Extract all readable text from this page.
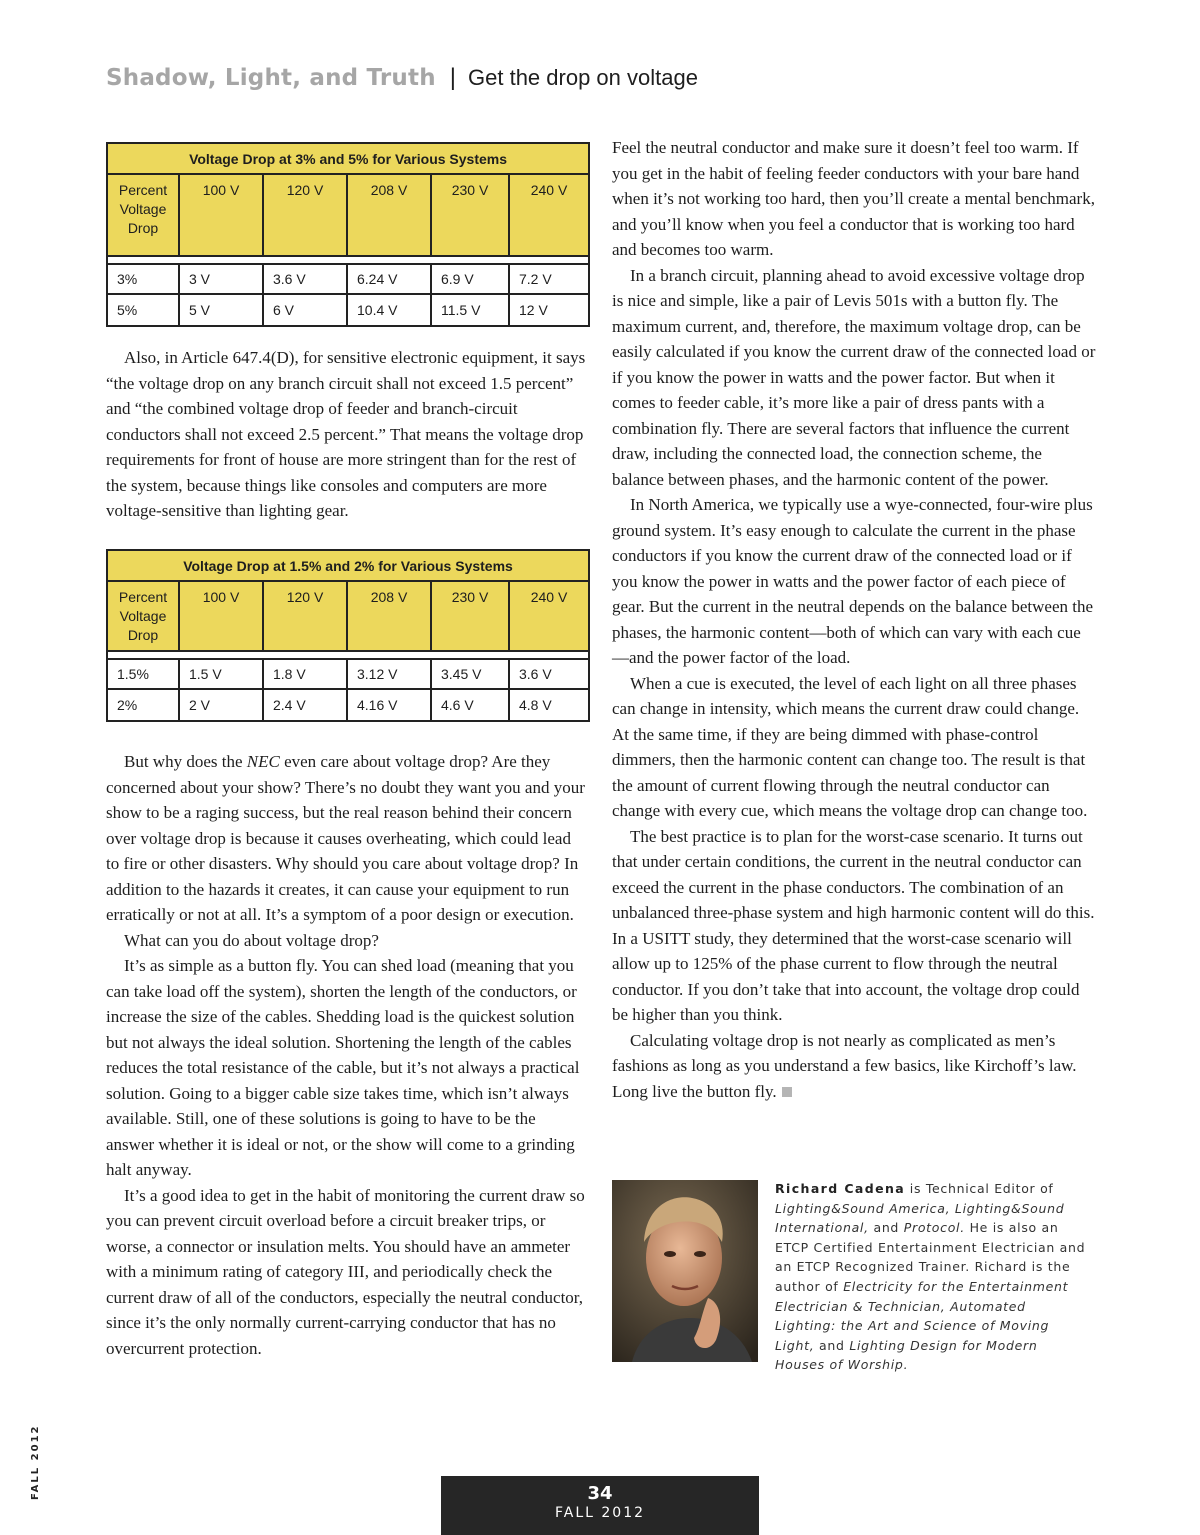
Shadow, Light, and Truth | Get the drop on voltage
Voltage Drop at 3% and 5% for Various Systems					
Percent
Voltage
Drop	100 V	120 V	208 V	230 V	240 V

3%	3 V	3.6 V	6.24 V	6.9 V	7.2 V
5%	5 V	6 V	10.4 V	11.5 V	12 V
Voltage Drop at 1.5% and 2% for Various Systems					
Percent
Voltage
Drop	100 V	120 V	208 V	230 V	240 V

1.5%	1.5 V	1.8 V	3.12 V	3.45 V	3.6 V
2%	2 V	2.4 V	4.16 V	4.6 V	4.8 V

Also, in Article 647.4(D), for sensitive electronic equipment, it says “the voltage drop on any branch circuit shall not exceed 1.5 percent” and “the combined voltage drop of feeder and branch-circuit conductors shall not exceed 2.5 percent.” That means the voltage drop requirements for front of house are more stringent than for the rest of the system, because things like consoles and computers are more voltage-sensitive than lighting gear.

But why does the NEC even care about voltage drop? Are they concerned about your show? There’s no doubt they want you and your show to be a raging success, but the real reason behind their concern over voltage drop is because it causes overheating, which could lead to fire or other disasters. Why should you care about voltage drop? In addition to the hazards it creates, it can cause your equipment to run erratically or not at all. It’s a symptom of a poor design or execution.

What can you do about voltage drop?

It’s as simple as a button fly. You can shed load (meaning that you can take load off the system), shorten the length of the conductors, or increase the size of the cables. Shedding load is the quickest solution but not always the ideal solution. Shortening the length of the cables reduces the total resistance of the cable, but it’s not always a practical solution. Going to a bigger cable size takes time, which isn’t always available. Still, one of these solutions is going to have to be the answer whether it is ideal or not, or the show will come to a grinding halt anyway.

It’s a good idea to get in the habit of monitoring the current draw so you can prevent circuit overload before a circuit breaker trips, or worse, a connector or insulation melts. You should have an ammeter with a minimum rating of category III, and periodically check the current draw of all of the conductors, especially the neutral conductor, since it’s the only normally current-carrying conductor that has no overcurrent protection.

Feel the neutral conductor and make sure it doesn’t feel too warm. If you get in the habit of feeling feeder conductors with your bare hand when it’s not working too hard, then you’ll create a mental benchmark, and you’ll know when you feel a conductor that is working too hard and becomes too warm.

In a branch circuit, planning ahead to avoid excessive voltage drop is nice and simple, like a pair of Levis 501s with a button fly. The maximum current, and, therefore, the maximum voltage drop, can be easily calculated if you know the current draw of the connected load or if you know the power in watts and the power factor. But when it comes to feeder cable, it’s more like a pair of dress pants with a combination fly. There are several factors that influence the current draw, including the connected load, the connection scheme, the balance between phases, and the harmonic content of the power.

In North America, we typically use a wye-connected, four-wire plus ground system. It’s easy enough to calculate the current in the phase conductors if you know the current draw of the connected load or if you know the power in watts and the power factor of each piece of gear. But the current in the neutral depends on the balance between the phases, the harmonic content—both of which can vary with each cue—and the power factor of the load.

When a cue is executed, the level of each light on all three phases can change in intensity, which means the current draw could change. At the same time, if they are being dimmed with phase-control dimmers, then the harmonic content can change too. The result is that the amount of current flowing through the neutral conductor can change with every cue, which means the voltage drop can change too.

The best practice is to plan for the worst-case scenario. It turns out that under certain conditions, the current in the neutral conductor can exceed the current in the phase conductors. The combination of an unbalanced three-phase system and high harmonic content will do this. In a USITT study, they determined that the worst-case scenario will allow up to 125% of the phase current to flow through the neutral conductor. If you don’t take that into account, the voltage drop could be higher than you think.

Calculating voltage drop is not nearly as complicated as men’s fashions as long as you understand a few basics, like Kirchoff’s law. Long live the button fly.

Richard Cadena is Technical Editor of Lighting&Sound America, Lighting&Sound International, and Protocol. He is also an ETCP Certified Entertainment Electrician and an ETCP Recognized Trainer. Richard is the author of Electricity for the Entertainment Electrician & Technician, Automated Lighting: the Art and Science of Moving Light, and Lighting Design for Modern Houses of Worship.
FALL 2012	34
FALL 2012
